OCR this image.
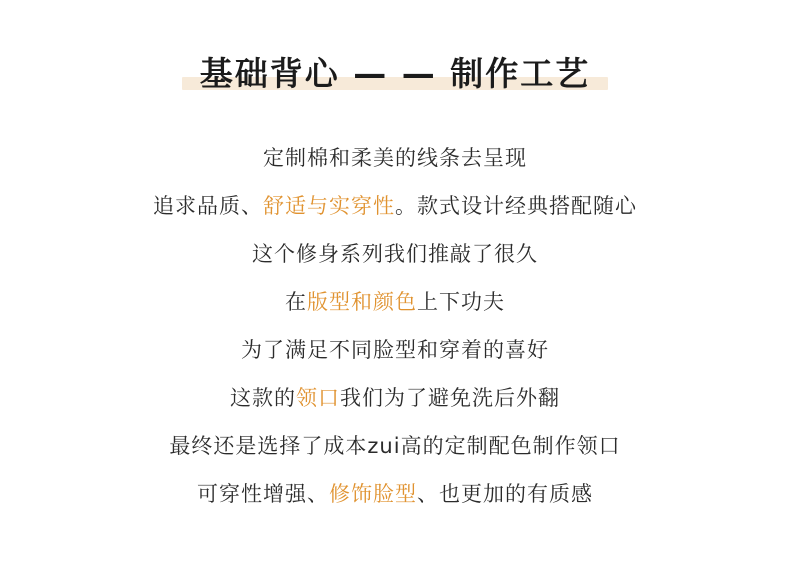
基础背心 — — 制作工艺
定制棉和柔美的线条去呈现
追求品质、舒适与实穿性。款式设计经典搭配随心
这个修身系列我们推敲了很久
在版型和颜色上下功夫
为了满足不同脸型和穿着的喜好
这款的领口我们为了避免洗后外翻
最终还是选择了成本zui高的定制配色制作领口
可穿性增强、修饰脸型、也更加的有质感
